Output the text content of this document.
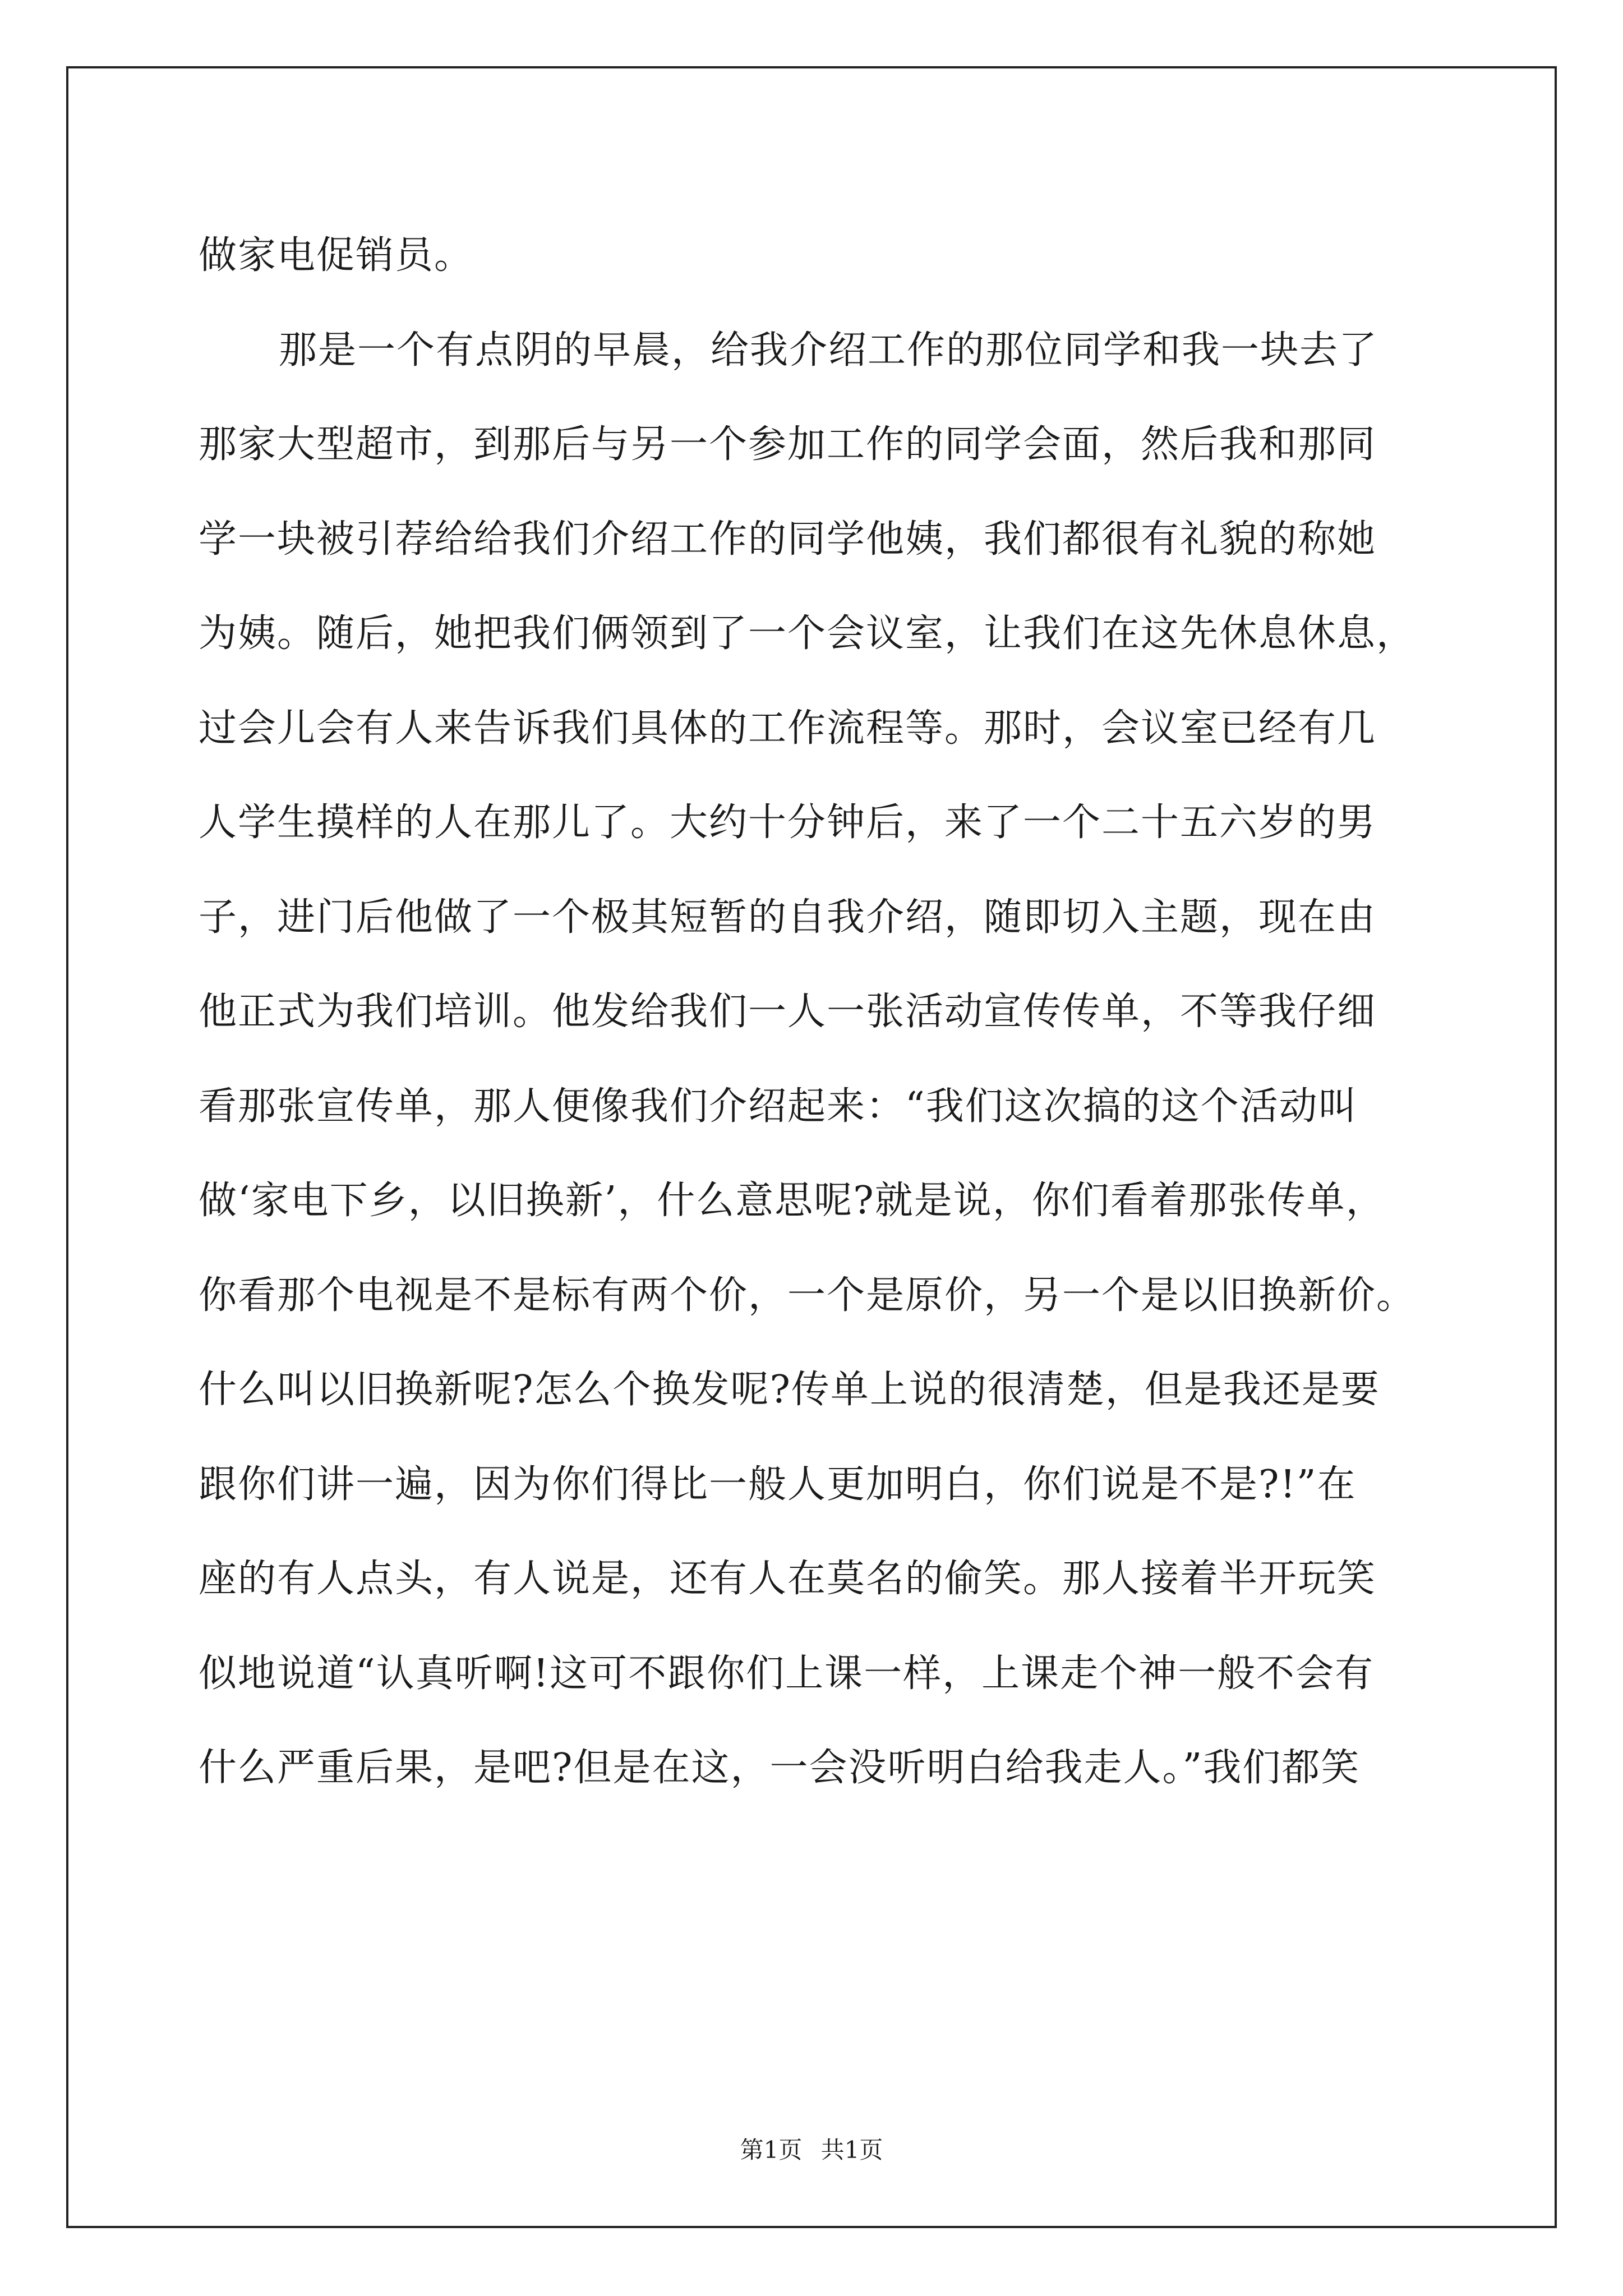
做家电促销员。
那是一个有点阴的早晨，给我介绍工作的那位同学和我一块去了
那家大型超市，到那后与另一个参加工作的同学会面，然后我和那同
学一块被引荐给给我们介绍工作的同学他姨，我们都很有礼貌的称她
为姨。随后，她把我们俩领到了一个会议室，让我们在这先休息休息，
过会儿会有人来告诉我们具体的工作流程等。那时，会议室已经有几
人学生摸样的人在那儿了。大约十分钟后，来了一个二十五六岁的男
子，进门后他做了一个极其短暂的自我介绍，随即切入主题，现在由
他正式为我们培训。他发给我们一人一张活动宣传传单，不等我仔细
看那张宣传单，那人便像我们介绍起来：“我们这次搞的这个活动叫
做‘家电下乡，以旧换新’，什么意思呢?就是说，你们看着那张传单，
你看那个电视是不是标有两个价，一个是原价，另一个是以旧换新价。
什么叫以旧换新呢?怎么个换发呢?传单上说的很清楚，但是我还是要
跟你们讲一遍，因为你们得比一般人更加明白，你们说是不是?!”在
座的有人点头，有人说是，还有人在莫名的偷笑。那人接着半开玩笑
似地说道“认真听啊!这可不跟你们上课一样，上课走个神一般不会有
什么严重后果，是吧?但是在这，一会没听明白给我走人。”我们都笑
第1页 共1页
